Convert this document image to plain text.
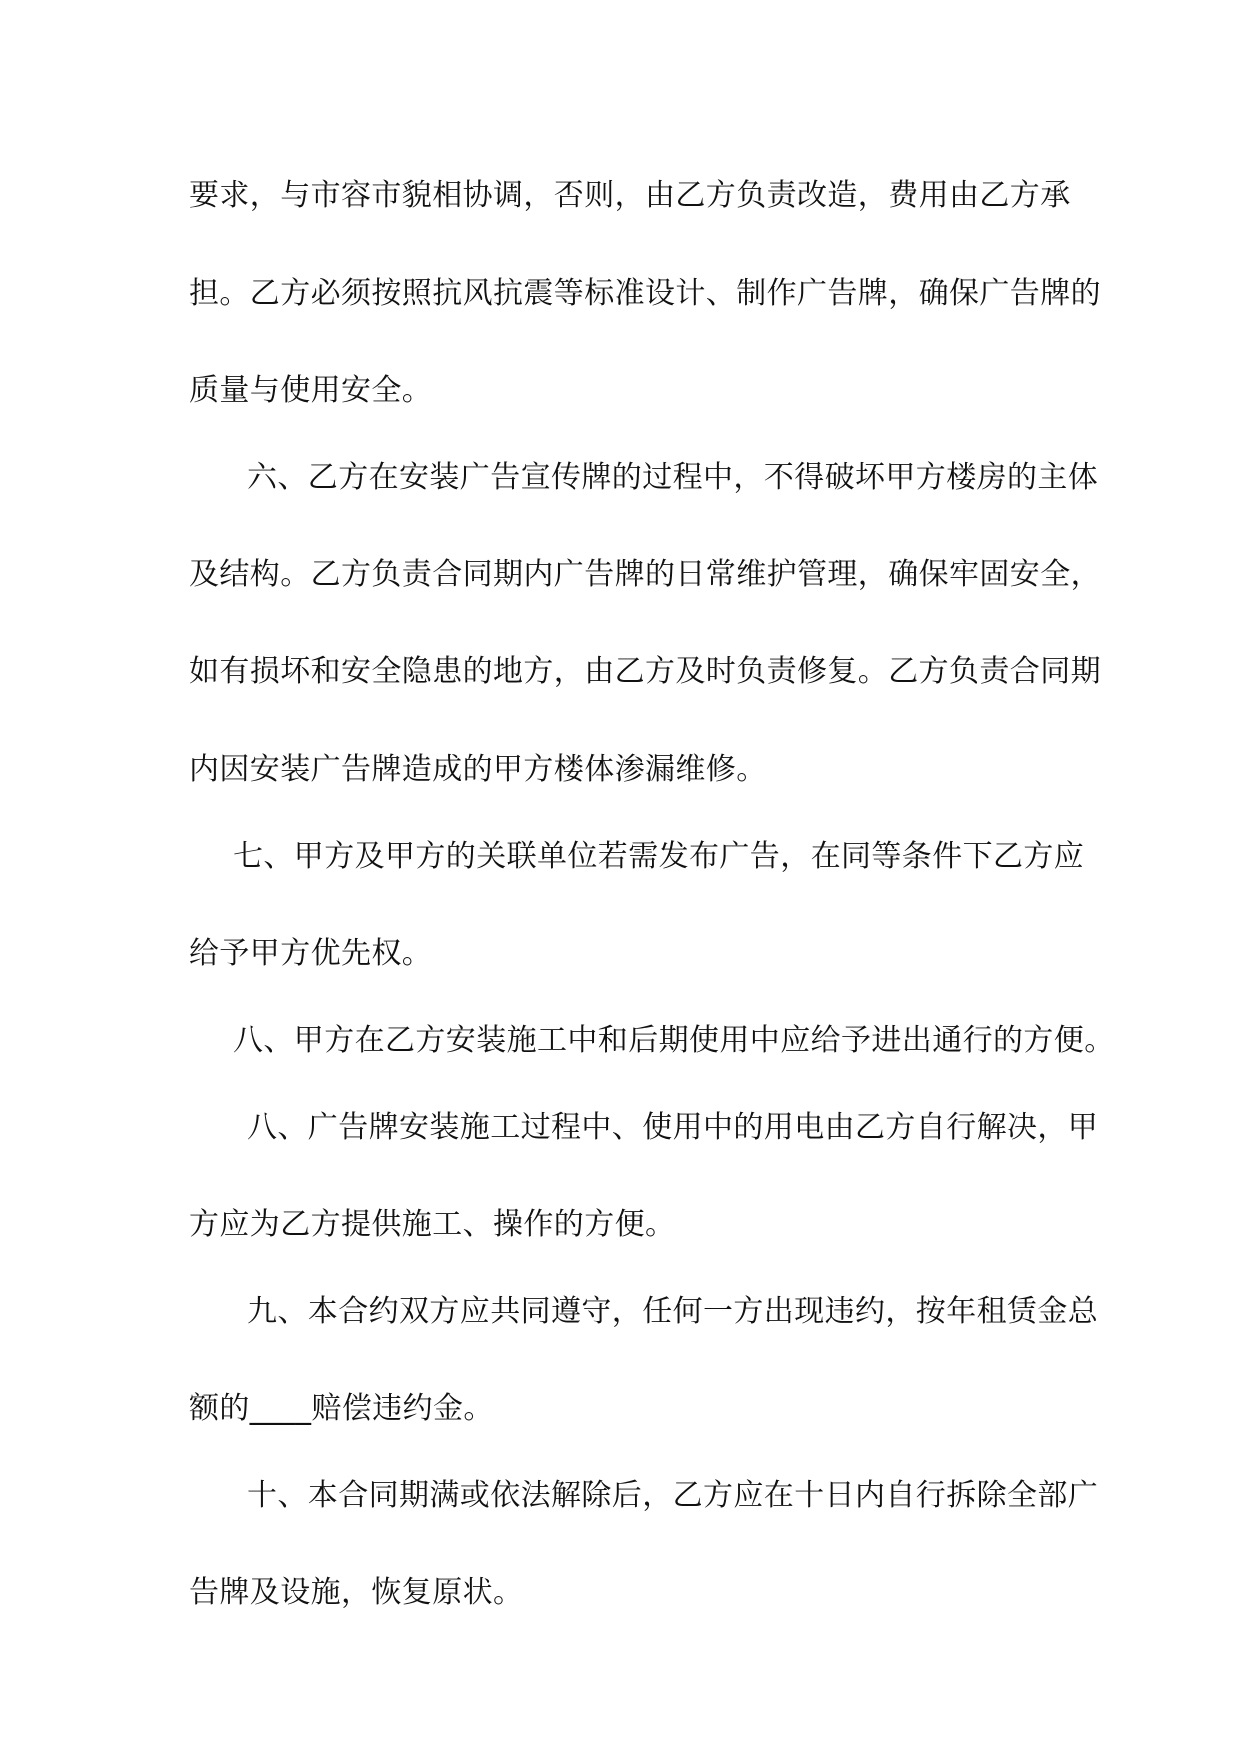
要求，与市容市貌相协调，否则，由乙方负责改造，费用由乙方承
担。乙方必须按照抗风抗震等标准设计、制作广告牌，确保广告牌的
质量与使用安全。
六、乙方在安装广告宣传牌的过程中，不得破坏甲方楼房的主体
及结构。乙方负责合同期内广告牌的日常维护管理，确保牢固安全，
如有损坏和安全隐患的地方，由乙方及时负责修复。乙方负责合同期
内因安装广告牌造成的甲方楼体渗漏维修。
七、甲方及甲方的关联单位若需发布广告，在同等条件下乙方应
给予甲方优先权。
八、甲方在乙方安装施工中和后期使用中应给予进出通行的方便。
八、广告牌安装施工过程中、使用中的用电由乙方自行解决，甲
方应为乙方提供施工、操作的方便。
九、本合约双方应共同遵守，任何一方出现违约，按年租赁金总
额的____赔偿违约金。
十、本合同期满或依法解除后，乙方应在十日内自行拆除全部广
告牌及设施，恢复原状。
